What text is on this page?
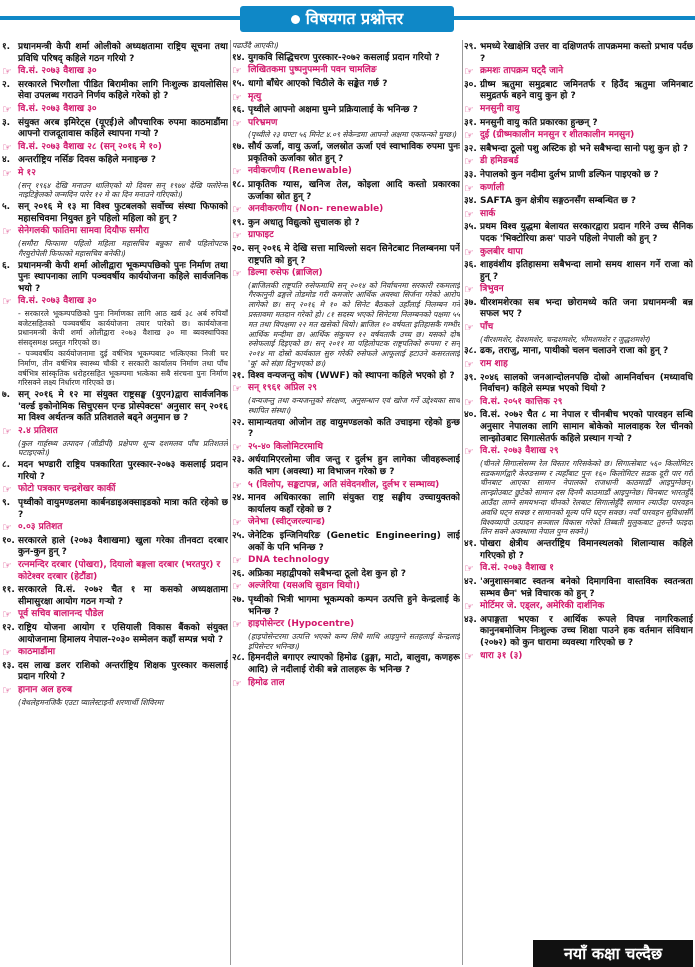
विषयगत प्रश्नोत्तर
१. प्रधानमन्त्री केपी शर्मा ओलीको अध्यक्षतामा राष्ट्रिय सूचना तथा प्रविधि परिषद् कहिले गठन गरियो ?
☞ वि.सं. २०७३ वैशाख ३०
२. सरकारले भिरगौला पीडित बिरामीका लागि निःशुल्क डायलोसिस सेवा उपलब्ध गराउने निर्णय कहिले गरेको हो ?
☞ वि.सं. २०७३ वैशाख ३०
३. संयुक्त अरब इमिरेट्स (यूएई)ले औपचारिक रुपमा काठमाडौंमा आफ्नो राजदूतावास कहिले स्थापना गऱ्यो ?
☞ वि.सं. २०७३ वैशाख २८ (सन् २०१६ मे १०)
४. अन्तर्राष्ट्रिय नर्सिङ दिवस कहिले मनाइन्छ ?
☞ मे १२
(सन् १९६४ देखि मनाउन थालिएको यो दिवस सन् १९७४ देखि फ्लोरेन्स नाइटिङ्गेलको जन्मदिन पारेर १२ मे का दिन मनाउने गरिएको।)
५. सन् २०१६ मे १३ मा विश्व फुटबलको सर्वोच्च संस्था फिफाको महासचिवमा नियुक्त हुने पहिलो महिला को हुन् ?
☞ सेनेगलकी फातिमा सामवा दियौफ समौरा
(समौरा फिफामा पहिलो महिला महासचिव बन्नुका साथै पहिलोपटक गैरयुरोपेली फिफाको महासचिव बनेकी।)
६. प्रधानमन्त्री केपी शर्मा ओलीद्वारा भूकम्पपछिको पुनः निर्माण तथा पुनः स्थापनाका लागि पञ्चवर्षीय कार्ययोजना कहिले सार्वजनिक भयो ?
☞ वि.सं. २०७३ वैशाख ३०
- सरकारले भूकम्पपछिको पुनः निर्माणका लागि आठ खर्ब ३८ अर्ब रुपियाँ बजेटसहितको पञ्चवर्षीय कार्ययोजना तयार पारेको छ। कार्ययोजना प्रधानमन्त्री केपी शर्मा ओलीद्वारा २०७३ वैशाख ३० मा ब्यवस्थापिका संसद्समक्ष प्रस्तुत गरिएको छ।
- पञ्चवर्षीय कार्ययोजनामा दुई वर्षभित्र भूकम्पबाट भत्किएका निजी घर निर्माण, तीन वर्षभित्र स्वास्थ्य चौकी र सरकारी कार्यालय निर्माण तथा पाँच वर्षभित्र सांस्कृतिक धरोहरसहित भूकम्पमा भत्केका सबै संरचना पुनः निर्माण गरिसक्ने लक्ष्य निर्धारण गरिएको छ।
७. सन् २०१६ मे १२ मा संयुक्त राष्ट्रसङ्घ (युएन)द्वारा सार्वजनिक 'वर्ल्ड इकोनोमिक सिचुएसन एन्ड प्रोस्पेक्टस' अनुसार सन् २०१६ मा विश्व अर्थतन्त्र कति प्रतिशतले बढ्ने अनुमान छ ?
☞ २.४ प्रतिशत
(कुल गार्हस्थ्य उत्पादन (जीडीपी) प्रक्षेपण शून्य दशमलव पाँच प्रतिशतले घटाइएको।)
८. मदन भण्डारी राष्ट्रिय पत्रकारिता पुरस्कार-२०७३ कसलाई प्रदान गरियो ?
☞ फोटो पत्रकार चन्द्रशेखर कार्की
९. पृथ्वीको वायुमण्डलमा कार्बनडाइअक्साइडको मात्रा कति रहेको छ ?
☞ ०.०३ प्रतिशत
१०. सरकारले हाले (२०७३ वैशाखमा) खुला गरेका तीनवटा दरबार कुन-कुन हुन् ?
☞ रत्नमन्दिर दरबार (पोखरा), दियालो बङ्गला दरबार (भरतपुर) र कोटेश्वर दरबार (हेटौंडा)
११. सरकारले वि.सं. २०७२ चैत १ मा कसको अध्यक्षतामा सीमासुरक्षा आयोग गठन गऱ्यो ?
☞ पूर्व सचिव बालानन्द पौडेल
१२. राष्ट्रिय योजना आयोग र एसियाली विकास बैंकको संयुक्त आयोजनामा हिमालय नेपाल-२०३० सम्मेलन कहाँ सम्पन्न भयो ?
☞ काठमाडौंमा
१३. दस लाख डलर राशिको अन्तर्राष्ट्रिय शिक्षक पुरस्कार कसलाई प्रदान गरियो ?
☞ हानान अल हरुब
(वेथलेहमनजिकै एउटा प्यालेस्टाइनी शरणार्थी शिविरमा
पढाउँदै आएकी।)
१४. युगकवि सिद्धिचरण पुरस्कार-२०७२ कसलाई प्रदान गरियो ?
☞ लिखितकमा पुष्पनुपम्मनी पवन चामलिङ
१५. धागो बाँधेर आएको चिठीले के सङ्केत गर्छ ?
☞ मृत्यु
१६. पृथ्वीले आफ्नो अक्षमा घुम्ने प्रक्रियालाई के भनिन्छ ?
☞ परिभ्रमण
(पृथ्वीले २३ घण्टा ५६ मिनेट ४.०९ सेकेन्डमा आफ्नो अक्षमा एकफन्को घुम्छ।)
१७. सौर्य ऊर्जा, वायु ऊर्जा, जलस्रोत ऊर्जा एवं स्वाभाविक रुपमा पुनः प्रकृतिको ऊर्जाका स्रोत हुन् ?
☞ नवीकरणीय (Renewable)
१८. प्राकृतिक ग्यास, खनिज तेल, कोइला आदि कस्तो प्रकारका ऊर्जाका स्रोत हुन् ?
☞ अनवीकरणीय (Non- renewable)
१९. कुन अधातु विद्युत्को सुचालक हो ?
☞ ग्राफाइट
२०. सन् २०१६ मे देखि सत्ता माथिल्लो सदन सिनेटबाट निलम्बनमा पर्ने राष्ट्रपति को हुन् ?
☞ डिल्मा रुसेफ (ब्राजिल)
(ब्राजिलकी राष्ट्रपति रुसेफमाथि सन् २०१४ को निर्वाचनमा सरकारी रकमलाई गैरकानुनी ढङ्गले तोडमोड गरी कमजोर आर्थिक अवस्था सिर्जना गरेको आरोप लागेको छ। सन् २०१६ मे १० को सिनेट बैठकले उहाँलाई निलम्बन गर्ने प्रस्तावमा मतदान गरेको हो। ८१ सदस्य भएको सिनेटमा निलम्बनको पक्षमा ५५ मत तथा विपक्षमा २२ मत खसेको थियो। ब्राजिल १० वर्षयता इतिहासकै गम्भीर आर्थिक मन्दीमा छ। आर्थिक संकुचन १२ वर्षयताकै उच्च छ। यसको दोष रुसेफलाई दिइएको छ। सन् २०११ मा पहिलोपटक राष्ट्रपतिको रूपमा र सन् २०१४ मा दोस्रो कार्यकाल सुरु गरेकी रुसेफले आफूलाई हटाउने कसरतलाई 'कू' को संज्ञा दिनुभएको छ।)
२१. विश्व वन्यजन्तु कोष (WWF) को स्थापना कहिले भएको हो ?
☞ सन् १९६१ अप्रिल २९
(वन्यजन्तु तथा वन्यजन्तुको संरक्षण, अनुसन्धान एवं खोज गर्ने उद्देश्यका साथ स्थापित संस्था।)
२२. सामान्यतया ओजोन तह वायुमण्डलको कति उचाइमा रहेको हुन्छ ?
☞ २५-४० किलोमिटरमाथि
२३. अर्धयामिएरलोमा जीव जन्तु र दुर्लभ हुन लागेका जीवहरूलाई कति भाग (अवस्था) मा विभाजन गरेको छ ?
☞ ५ (विलोप, सङ्कटापन्न, अति संवेदनशील, दुर्लभ र सम्भाव्य)
२४. मानव अधिकारका लागि संयुक्त राष्ट्र सङ्घीय उच्चायुक्तको कार्यालय कहाँ रहेको छ ?
☞ जेनेभा (स्वीट्जरल्यान्ड)
२५. जेनेटिक इन्जिनियरिङ (Genetic Engineering) लाई अर्को के पनि भनिन्छ ?
☞ DNA technology
२६. अफ्रिका महाद्वीपको सबैभन्दा ठूलो देश कुन हो ?
☞ अल्जेरिया (यसअघि सुडान थियो।)
२७. पृथ्वीको भित्री भागमा भूकम्पको कम्पन उत्पत्ति हुने केन्द्रलाई के भनिन्छ ?
☞ हाइपोसेन्टर (Hypocentre)
(हाइपोसेन्टरमा उत्पत्ति भएको कम्प सिधै माथि आइपुग्ने सतहलाई केन्द्रलाई इपिसेन्टर भनिन्छ।)
२८. हिमनदीले बगाएर ल्याएको हिमोढ (ढुङ्गा, माटो, बालुवा, कणहरू आदि) ले नदीलाई रोकी बन्ने तालहरू के भनिन्छ ?
☞ हिमोढ ताल
२९. भमध्ये रेखाक्षेत्रि उत्तर वा दक्षिणतर्फ तापक्रममा कस्तो प्रभाव पर्दछ ?
☞ क्रमशः तापक्रम घट्दै जाने
३०. ग्रीष्म ऋतुमा समुद्रबाट जमिनतर्फ र हिउँद ऋतुमा जमिनबाट समुद्रतर्फ बहने वायु कुन हो ?
☞ मनसुनी वायु
३१. मनसुनी वायु कति प्रकारका हुन्छन् ?
☞ दुई (ग्रीष्मकालीन मनसुन र शीतकालीन मनसुन)
३२. सबैभन्दा ठूलो पशु अस्टिक हो भने सबैभन्दा सानो पशु कुन हो ?
☞ डी हमिङबर्ड
३३. नेपालको कुन नदीमा दुर्लभ प्राणी डल्फिन पाइएको छ ?
☞ कर्णाली
३४. SAFTA कुन क्षेत्रीय सङ्गठनसँग सम्बन्धित छ ?
☞ सार्क
३५. प्रथम विश्व युद्धमा बेलायत सरकारद्वारा प्रदान गरिने उच्च सैनिक पदक 'भिक्टोरिया क्रस' पाउने पहिलो नेपाली को हुन् ?
☞ कुलबीर थापा
३६. शाहवंशीय इतिहासमा सबैभन्दा लामो समय शासन गर्ने राजा को हुन् ?
☞ त्रिभुवन
३७. धीरशमशेरका सब भन्दा छोराम‌ध्ये कति जना प्रधानमन्त्री बन्न सफल भए ?
☞ पाँच
(वीरशमशेर, देवशमशेर, चन्द्रशमशेर, भीमशमशेर र जुद्धशमशेर)
३८. ढक, तराजु, माना, पाथीको चलन चलाउने राजा को हुन् ?
☞ राम शाह
३९. २०४६ सालको जनआन्दोलनपछि दोस्रो आमनिर्वाचन (मध्यावधि निर्वाचन) कहिले सम्पन्न भएको थियो ?
☞ वि.सं. २०५१ कात्तिक २९
४०. वि.सं. २०७२ चैत ८ मा नेपाल र चीनबीच भएको पारवहन सन्धि अनुसार नेपालका लागि सामान बोकेको मालवाहक रेल चीनको लान्झोउबाट सिगात्सेतर्फ कहिले प्रस्थान गऱ्यो ?
☞ वि.सं. २०७३ वैशाख २९
(चीनले सिगात्सेसम्म रेल विस्तार गरिसकेको छ। सिगात्सेबाट ५६० किलोमिटर सडकमार्गद्वारै केरुङसम्म र त्यहाँबाट पुनः १६० किलोमिटर सडक दूरी पार गरी चीनबाट आएका सामान नेपालको राजधानी काठमाडौं आइपुग्नेछन्। लान्झोउबाट छुटेको सामान दस दिनमै काठमाडौं आइपुग्नेछ। चिनबाट भारतहुँदै आउँदा लाग्ने समयभन्दा चीनको रेलबाट सिगात्सेहुँदै सामान ल्याउँदा पारवहन अवधि घट्न सक्छ र सामानको मूल्य पनि घट्न सक्छ। नयाँ पारवहन सुविधासँगै विश्वव्यापी उत्पादन सञ्जाल विकास गरेको तिब्बती मुलुकबाट तुरुन्तै फाइदा लिन सक्ने अवस्थामा नेपाल पुग्न सक्ने।)
४१. पोखरा क्षेत्रीय अन्तर्राष्ट्रिय विमानस्थलको शिलान्यास कहिले गरिएको हो ?
☞ वि.सं. २०७३ वैशाख १
४२. 'अनुशासनबाट स्वतन्त्र बनेको दिमागविना वास्तविक स्वतन्त्रता सम्भव छैन' भन्ने विचारक को हुन् ?
☞ मोर्टिमर जे. एड्लर, अमेरिकी दार्शनिक
४३. अपाङ्गता भएका र आर्थिक रूपले विपन्न नागरिकलाई कानुनबमोजिम निःशुल्क उच्च शिक्षा पाउने हक वर्तमान संविधान (२०७२) को कुन धारामा व्यवस्था गरिएको छ ?
☞ धारा ३१ (३)
नयाँ कक्षा चल्दैछ
